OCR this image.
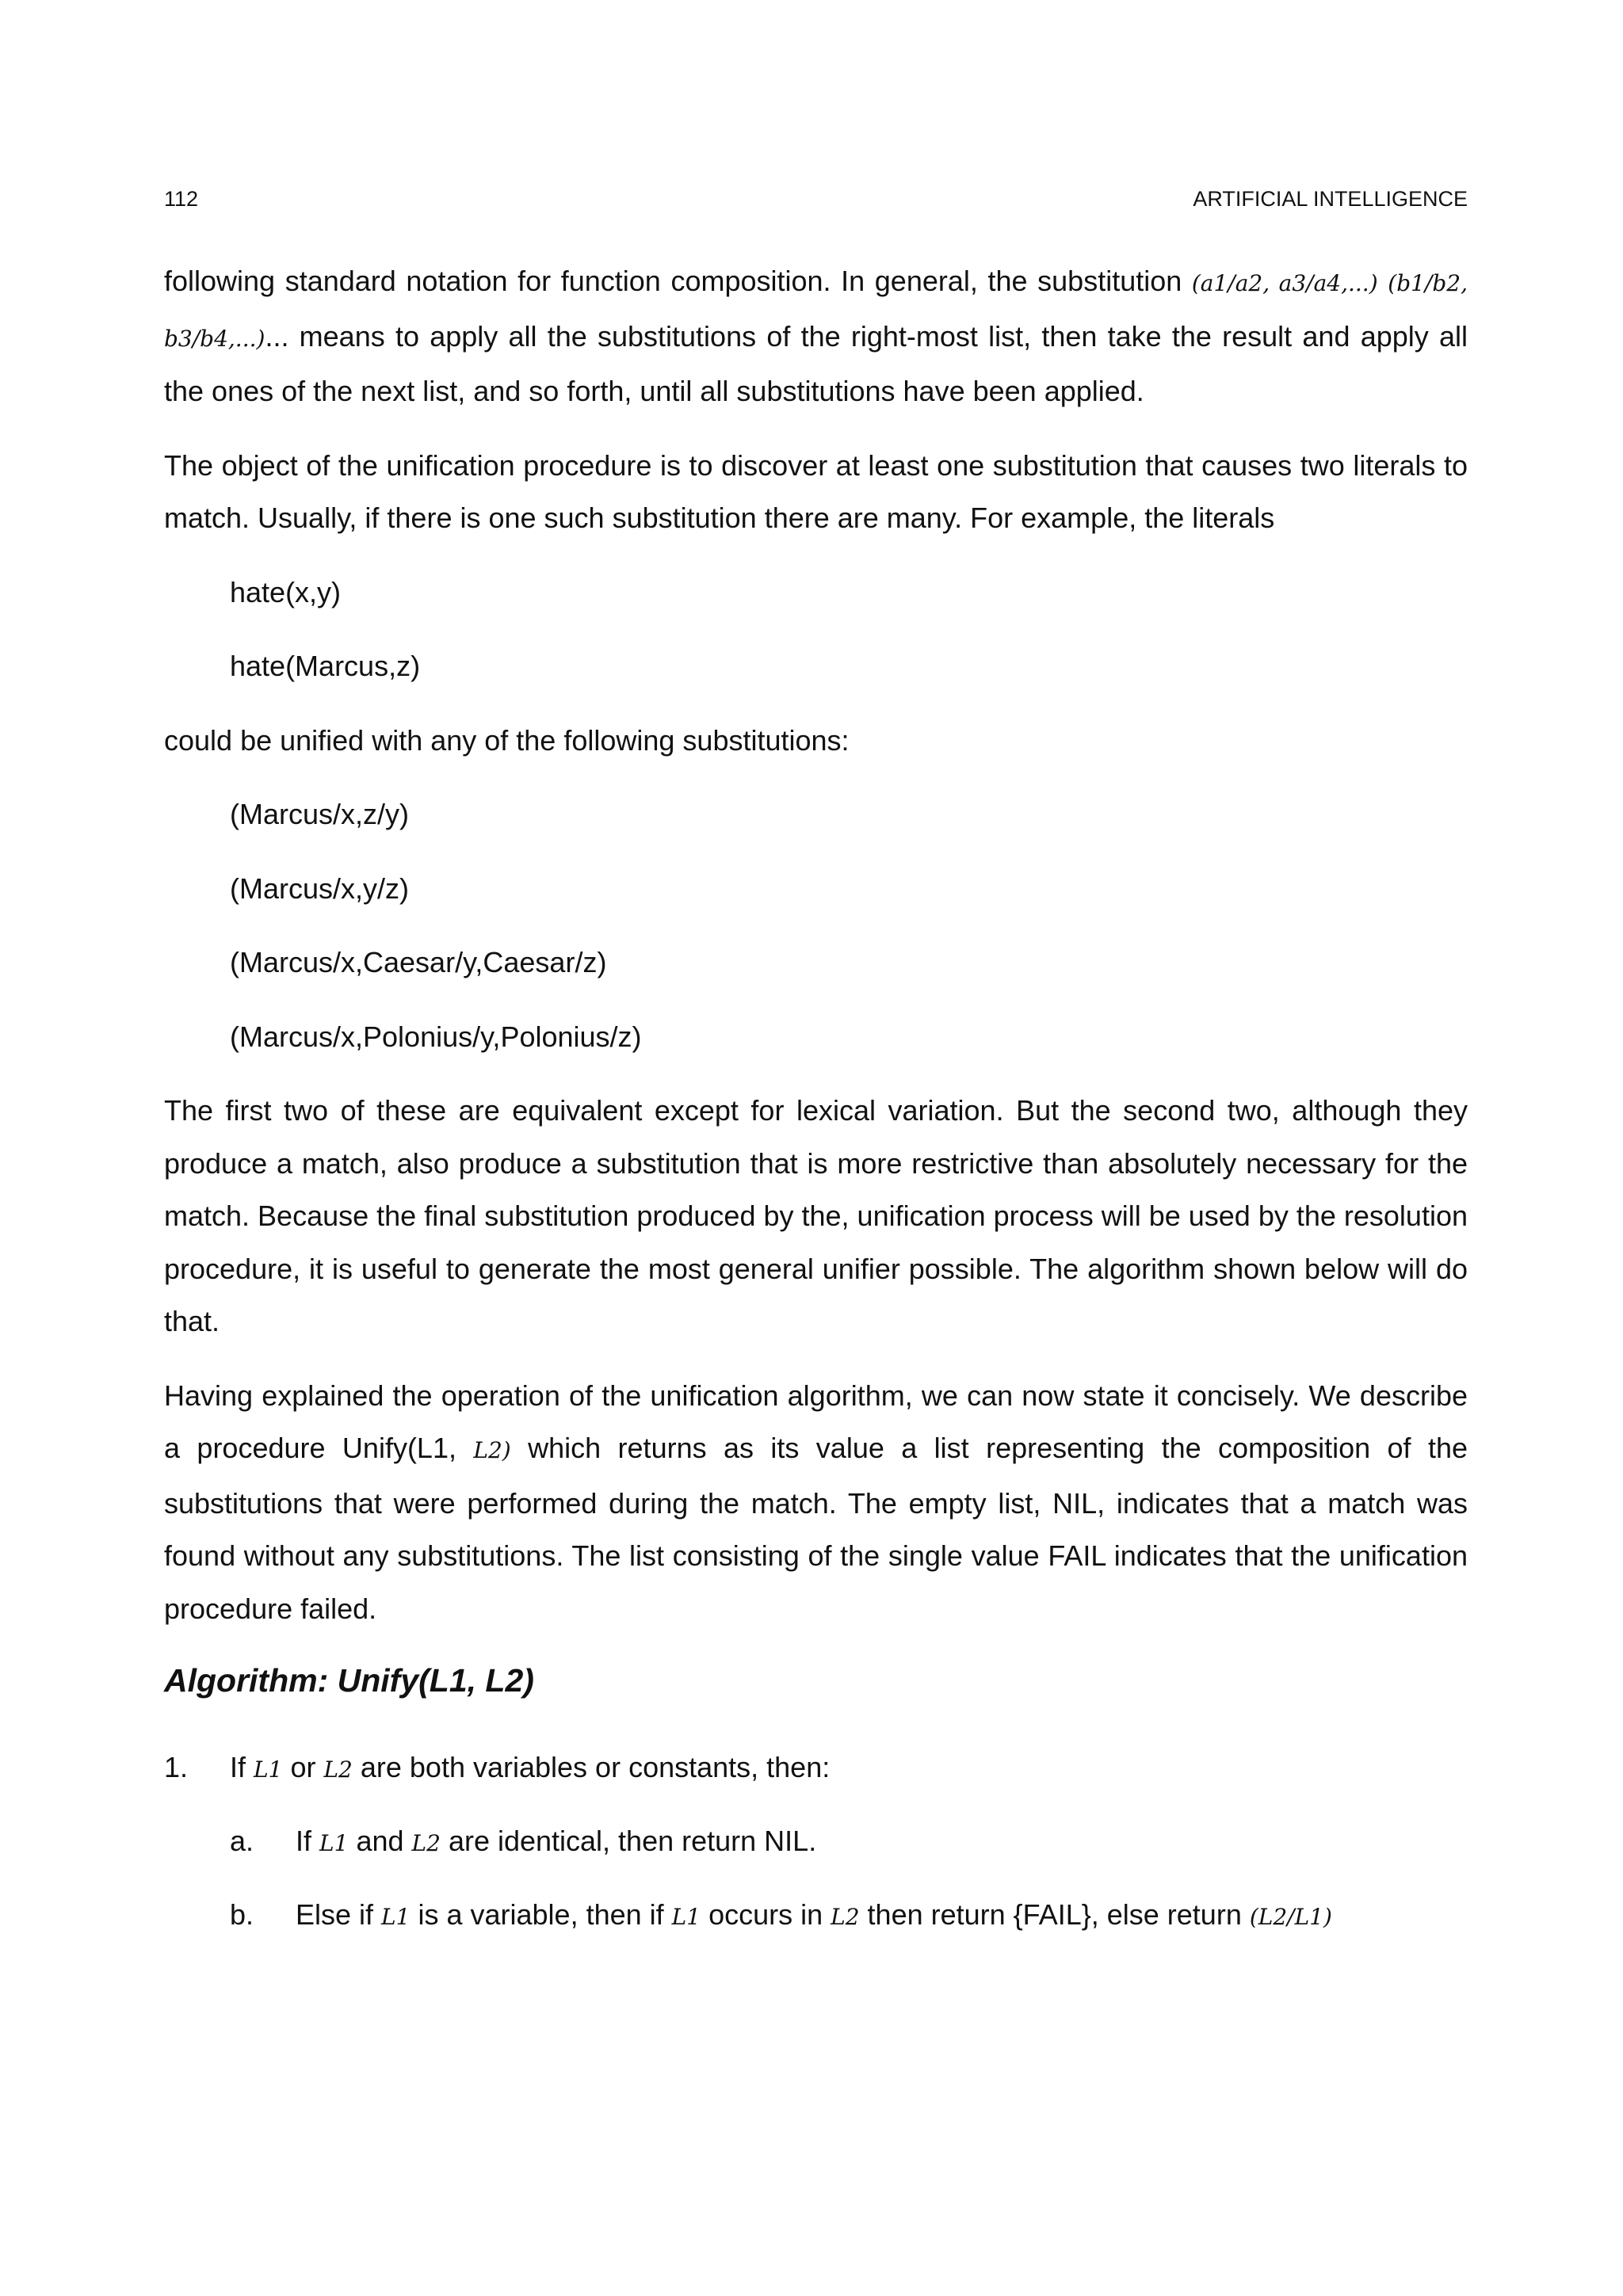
112	ARTIFICIAL INTELLIGENCE

following standard notation for function composition. In general, the substitution (a1/a2, a3/a4,...) (b1/b2, b3/b4,...)... means to apply all the substitutions of the right-most list, then take the result and apply all the ones of the next list, and so forth, until all substitutions have been applied.

The object of the unification procedure is to discover at least one substitution that causes two literals to match. Usually, if there is one such substitution there are many. For example, the literals

hate(x,y)

hate(Marcus,z)

could be unified with any of the following substitutions:

(Marcus/x,z/y)

(Marcus/x,y/z)

(Marcus/x,Caesar/y,Caesar/z)

(Marcus/x,Polonius/y,Polonius/z)

The first two of these are equivalent except for lexical variation. But the second two, although they produce a match, also produce a substitution that is more restrictive than absolutely necessary for the match. Because the final substitution produced by the, unification process will be used by the resolution procedure, it is useful to generate the most general unifier possible. The algorithm shown below will do that.

Having explained the operation of the unification algorithm, we can now state it concisely. We describe a procedure Unify(L1, L2) which returns as its value a list representing the composition of the substitutions that were performed during the match. The empty list, NIL, indicates that a match was found without any substitutions. The list consisting of the single value FAIL indicates that the unification procedure failed.

Algorithm: Unify(L1, L2)
1.	If L1 or L2 are both variables or constants, then:
a.	If L1 and L2 are identical, then return NIL.
b.	Else if L1 is a variable, then if L1 occurs in L2 then return {FAIL}, else return (L2/L1)
